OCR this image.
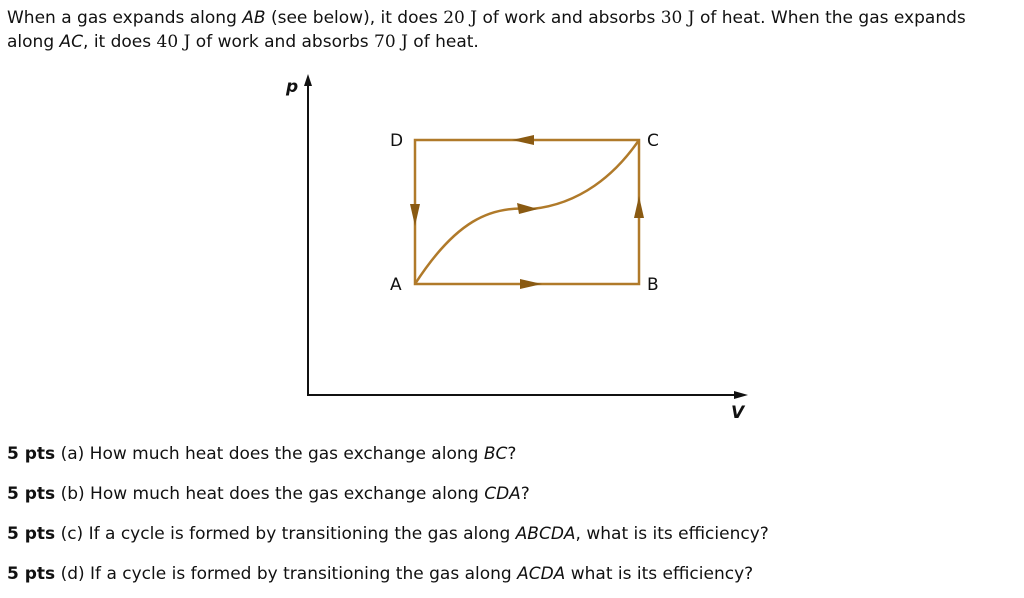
When a gas expands along AB (see below), it does 20 J of work and absorbs 30 J of heat. When the gas expands along AC, it does 40 J of work and absorbs 70 J of heat.

p
V
D	C
A	B

5 pts (a) How much heat does the gas exchange along BC?

5 pts (b) How much heat does the gas exchange along CDA?

5 pts (c) If a cycle is formed by transitioning the gas along ABCDA, what is its efficiency?

5 pts (d) If a cycle is formed by transitioning the gas along ACDA what is its efficiency?
